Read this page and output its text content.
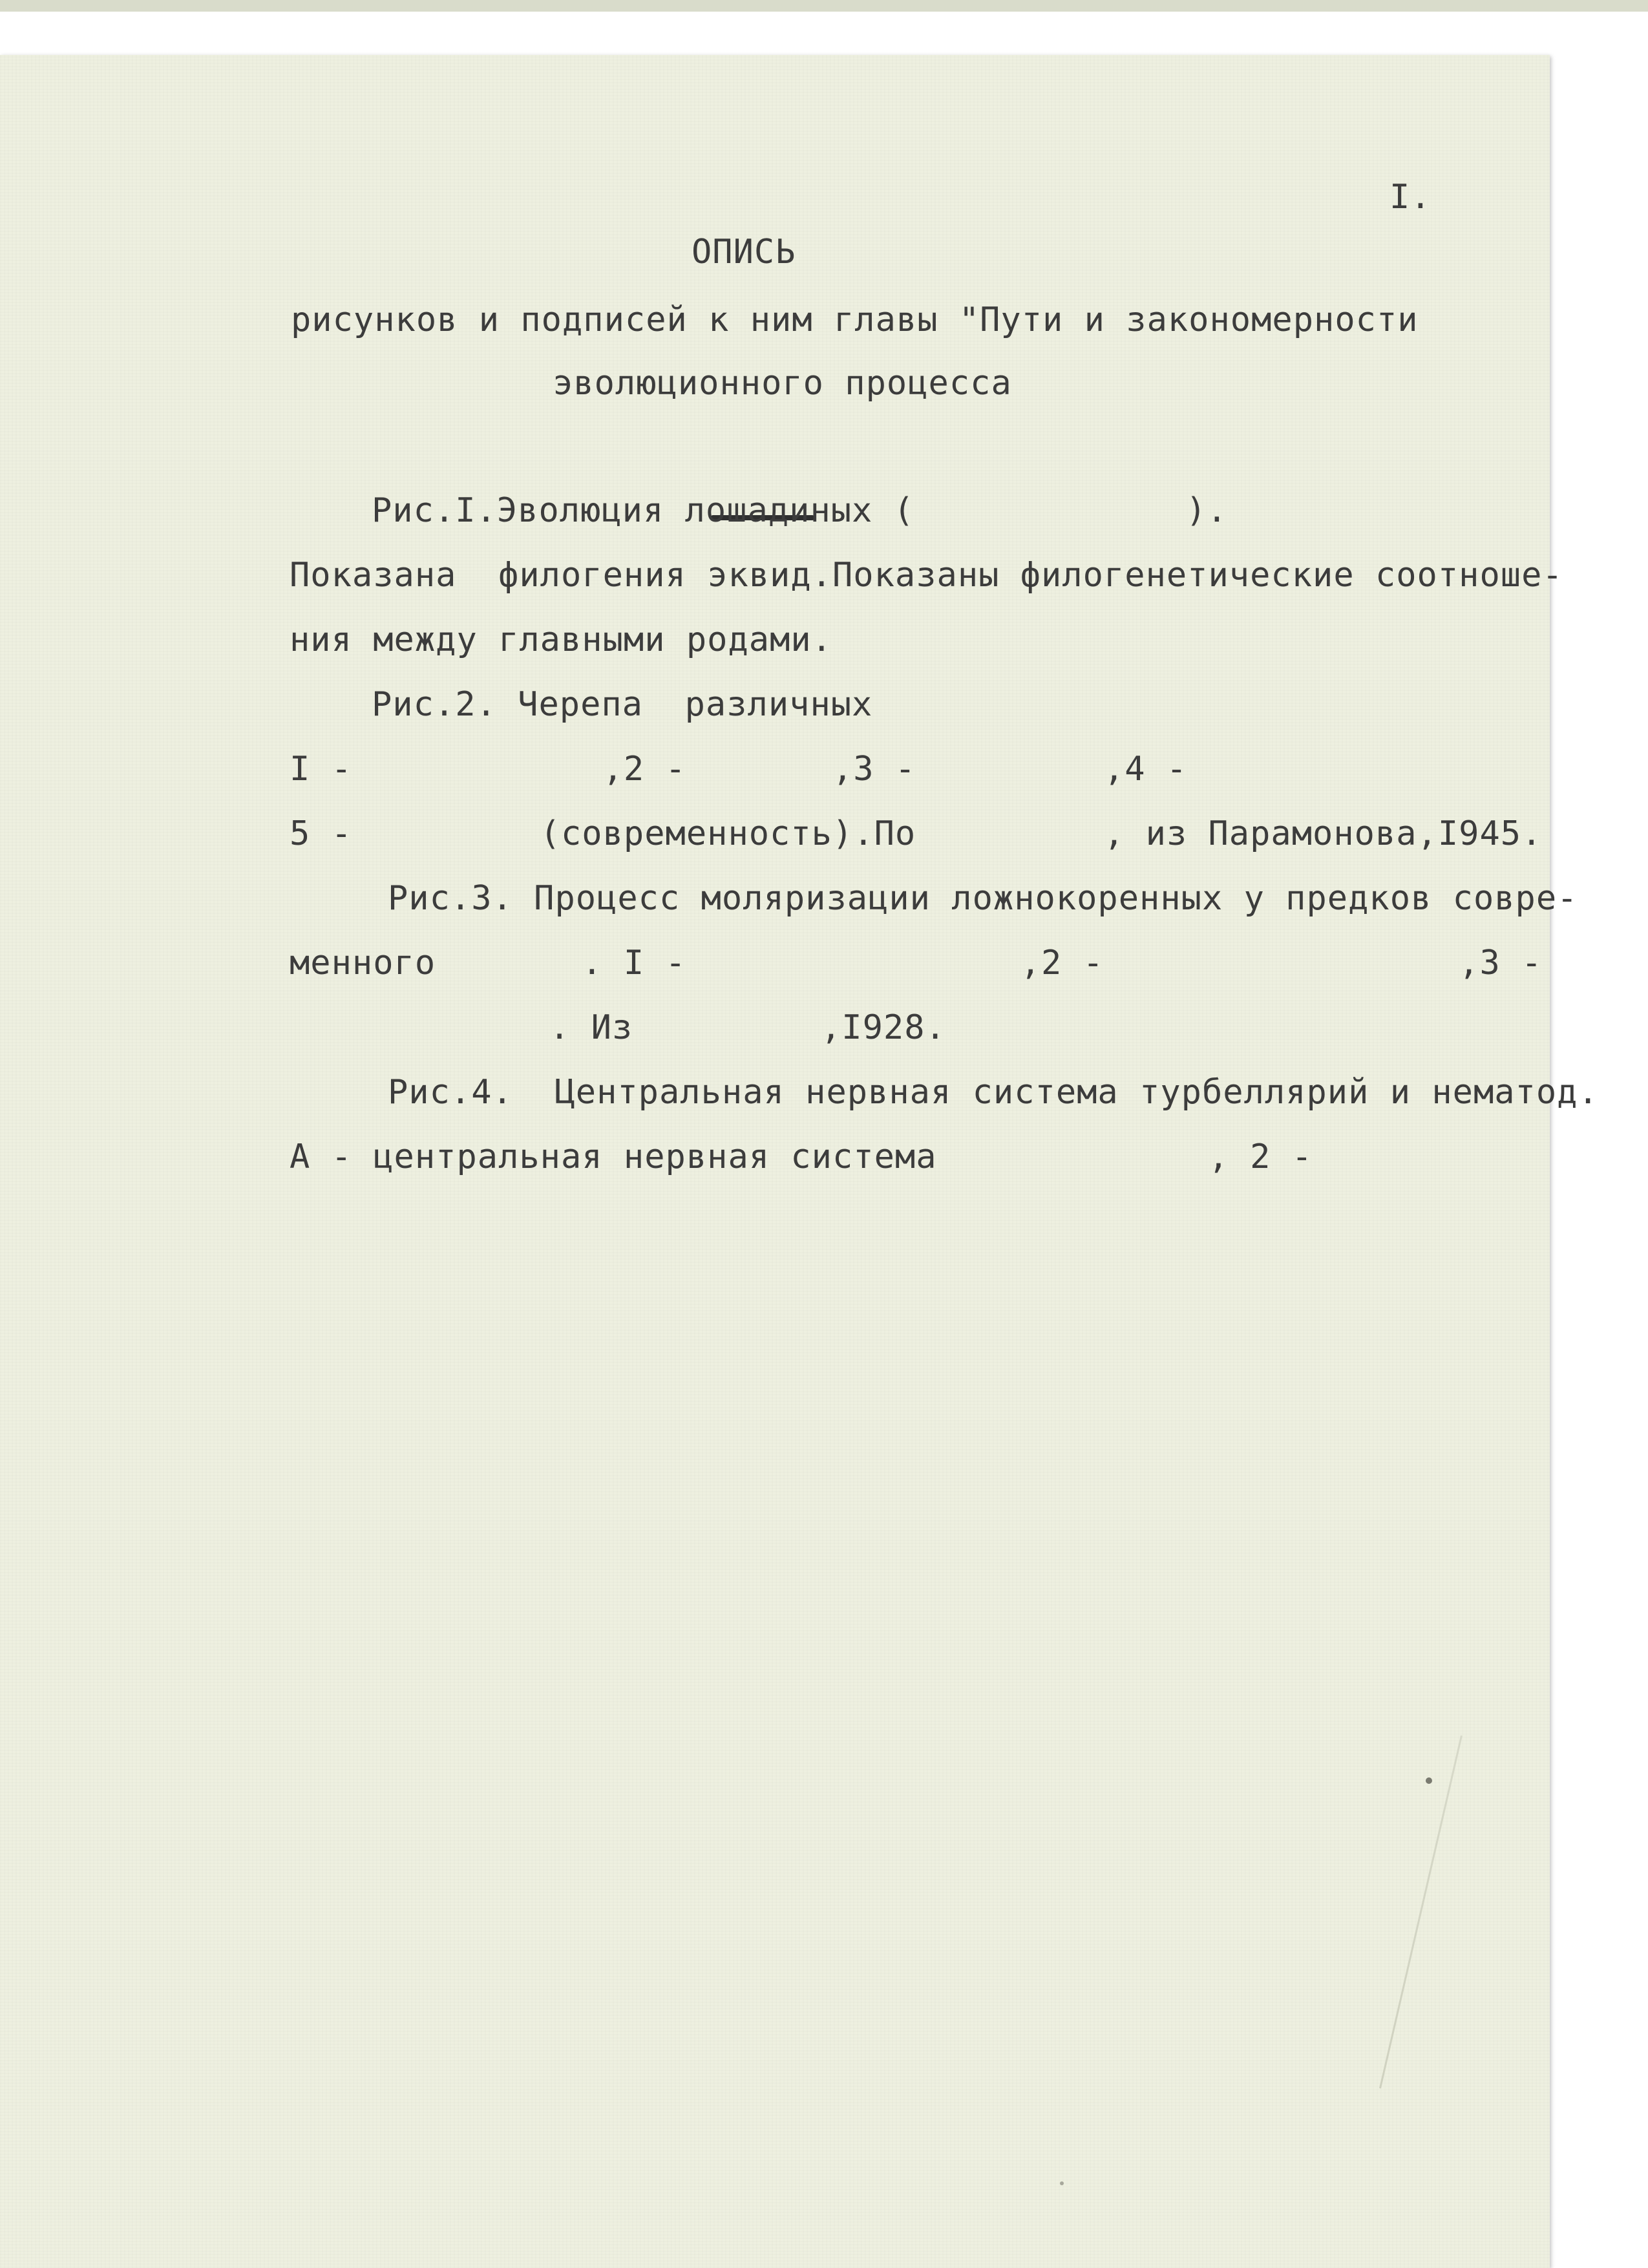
I.
ОПИСЬ
рисунков и подписей к ним главы "Пути и закономерности
эволюционного процесса
Рис.I.Эволюция лошадиных (             ).
Показана  филогения эквид.Показаны филогенетические соотноше-
ния между главными родами.
Рис.2. Черепа  различных
I -            ,2 -       ,3 -         ,4 -
5 -         (современность).По         , из Парамонова,I945.
Рис.3. Процесс моляризации ложнокоренных у предков совре-
менного       . I -                ,2 -                 ,3 -
. Из         ,I928.
Рис.4.  Центральная нервная система турбеллярий и нематод.
А - центральная нервная система             , 2 -
